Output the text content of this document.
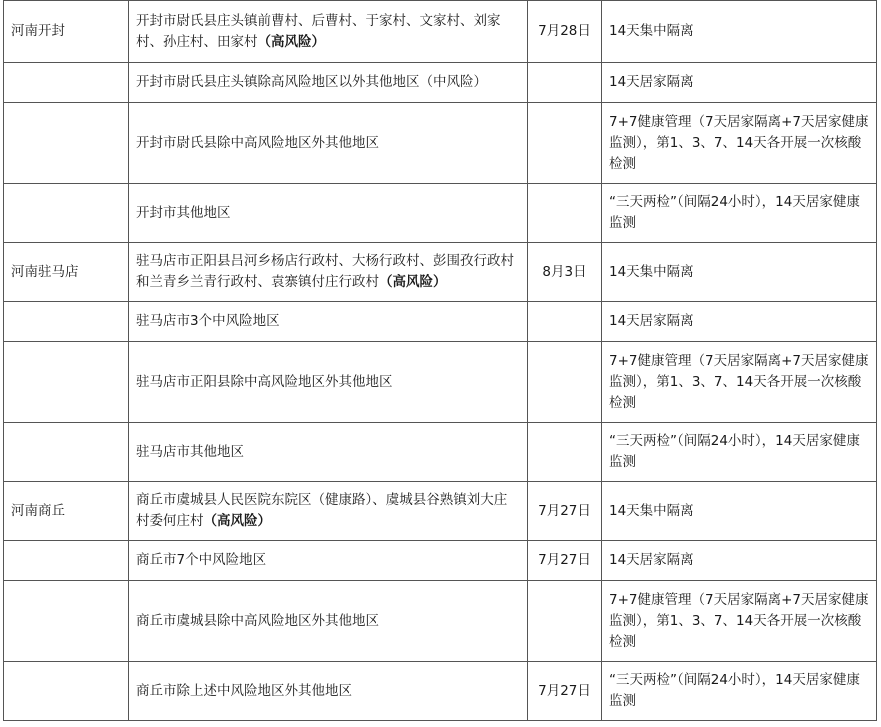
河南开封	开封市尉氏县庄头镇前曹村、后曹村、于家村、文家村、刘家村、孙庄村、田家村（高风险）	7月28日	14天集中隔离
	开封市尉氏县庄头镇除高风险地区以外其他地区（中风险）		14天居家隔离
	开封市尉氏县除中高风险地区外其他地区		7+7健康管理（7天居家隔离+7天居家健康监测），第1、3、7、14天各开展一次核酸检测
	开封市其他地区		“三天两检”（间隔24小时），14天居家健康监测
河南驻马店	驻马店市正阳县吕河乡杨店行政村、大杨行政村、彭围孜行政村和兰青乡兰青行政村、袁寨镇付庄行政村（高风险）	8月3日	14天集中隔离
	驻马店市3个中风险地区		14天居家隔离
	驻马店市正阳县除中高风险地区外其他地区		7+7健康管理（7天居家隔离+7天居家健康监测），第1、3、7、14天各开展一次核酸检测
	驻马店市其他地区		“三天两检”（间隔24小时），14天居家健康监测
河南商丘	商丘市虞城县人民医院东院区（健康路）、虞城县谷熟镇刘大庄村委何庄村（高风险）	7月27日	14天集中隔离
	商丘市7个中风险地区	7月27日	14天居家隔离
	商丘市虞城县除中高风险地区外其他地区		7+7健康管理（7天居家隔离+7天居家健康监测），第1、3、7、14天各开展一次核酸检测
	商丘市除上述中风险地区外其他地区	7月27日	“三天两检”（间隔24小时），14天居家健康监测
